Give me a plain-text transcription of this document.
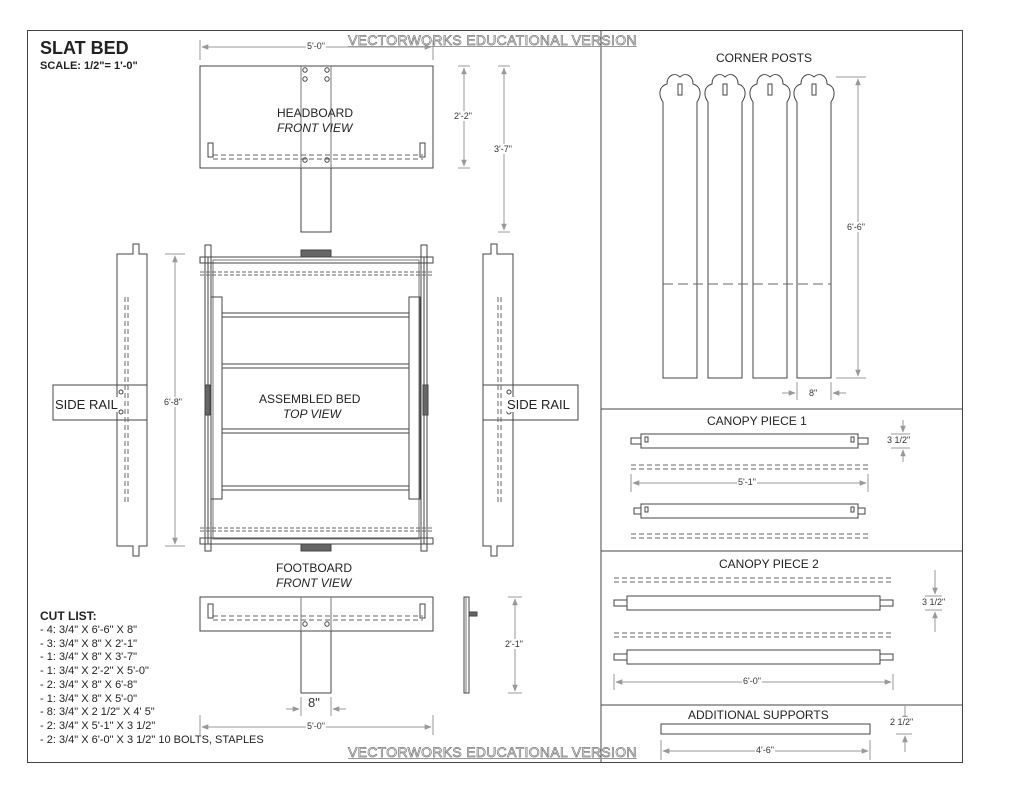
SLAT BED
SCALE: 1/2"= 1'-0"
VECTORWORKS EDUCATIONAL VERSION
VECTORWORKS EDUCATIONAL VERSION
HEADBOARD
FRONT VIEW
5'-0"
2'-2"
3'-7"
ASSEMBLED BED
TOP VIEW
6'-8"
SIDE RAIL	SIDE RAIL
FOOTBOARD
FRONT VIEW
8"
5'-0"
2'-1"
CORNER POSTS
6'-6"
8"
CANOPY PIECE 1
3 1/2"
5'-1"
CANOPY PIECE 2
3 1/2"
6'-0"
ADDITIONAL SUPPORTS	2 1/2"
4'-6"
CUT LIST:
- 4: 3/4" X 6'-6" X 8"
- 3: 3/4" X 8" X 2'-1"
- 1: 3/4" X 8" X 3'-7"
- 1: 3/4" X 2'-2" X 5'-0"
- 2: 3/4" X 8" X 6'-8"
- 1: 3/4" X 8" X 5'-0"
- 8: 3/4" X 2 1/2" X 4' 5"
- 2: 3/4" X 5'-1" X 3 1/2"
- 2: 3/4" X 6'-0" X 3 1/2" 10 BOLTS, STAPLES
